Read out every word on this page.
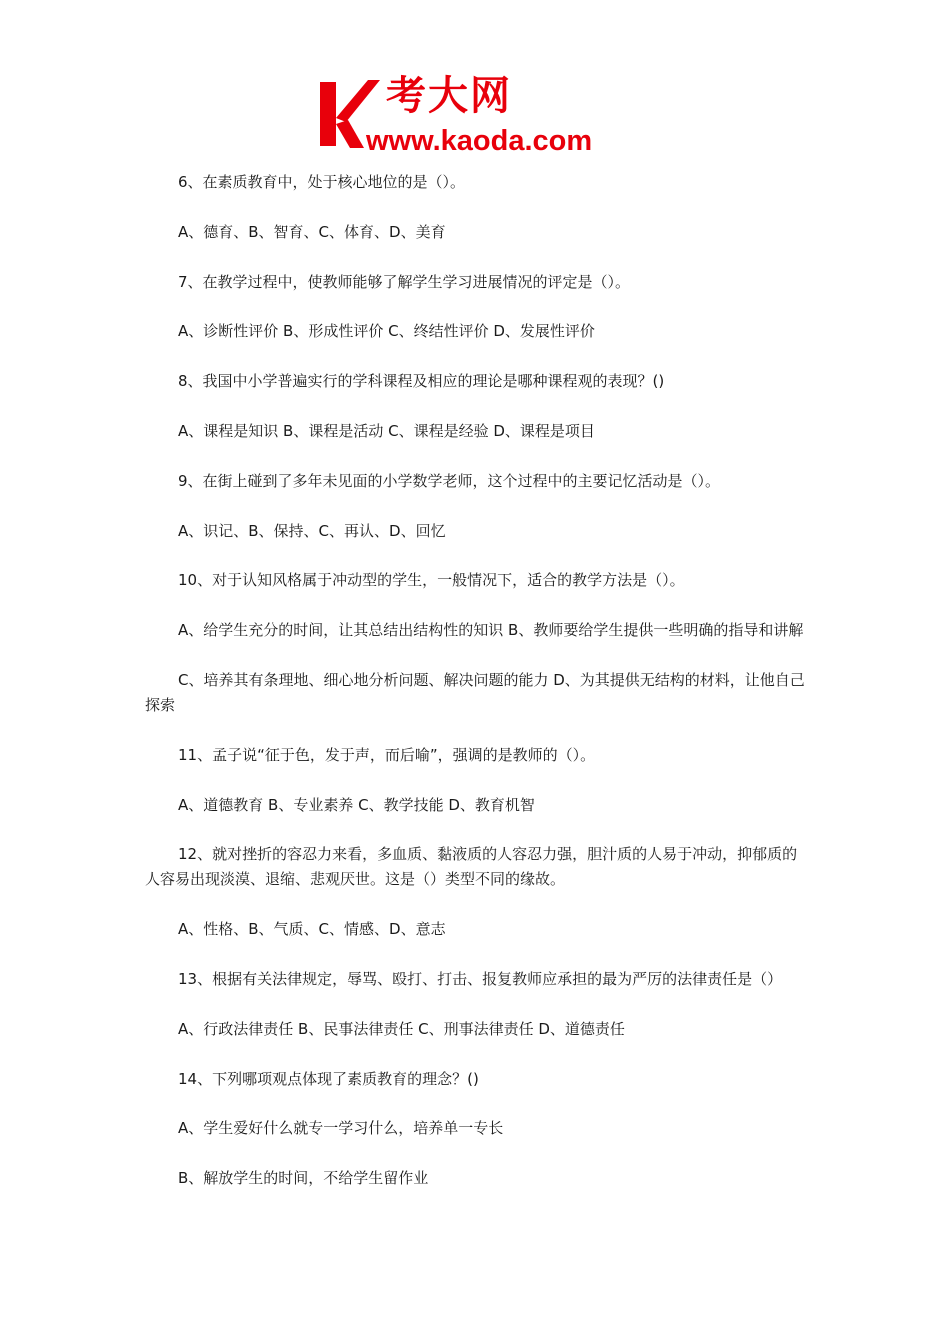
考大网
www.kaoda.com

6、在素质教育中，处于核心地位的是（）。

A、德育、B、智育、C、体育、D、美育

7、在教学过程中，使教师能够了解学生学习进展情况的评定是（）。

A、诊断性评价 B、形成性评价 C、终结性评价 D、发展性评价

8、我国中小学普遍实行的学科课程及相应的理论是哪种课程观的表现？()

A、课程是知识 B、课程是活动 C、课程是经验 D、课程是项目

9、在街上碰到了多年未见面的小学数学老师，这个过程中的主要记忆活动是（）。

A、识记、B、保持、C、再认、D、回忆

10、对于认知风格属于冲动型的学生，一般情况下，适合的教学方法是（）。

A、给学生充分的时间，让其总结出结构性的知识 B、教师要给学生提供一些明确的指导和讲解

C、培养其有条理地、细心地分析问题、解决问题的能力 D、为其提供无结构的材料，让他自己探索

11、孟子说“征于色，发于声，而后喻”，强调的是教师的（）。

A、道德教育 B、专业素养 C、教学技能 D、教育机智

12、就对挫折的容忍力来看，多血质、黏液质的人容忍力强，胆汁质的人易于冲动，抑郁质的人容易出现淡漠、退缩、悲观厌世。这是（）类型不同的缘故。

A、性格、B、气质、C、情感、D、意志

13、根据有关法律规定，辱骂、殴打、打击、报复教师应承担的最为严厉的法律责任是（）

A、行政法律责任 B、民事法律责任 C、刑事法律责任 D、道德责任

14、下列哪项观点体现了素质教育的理念？()

A、学生爱好什么就专一学习什么，培养单一专长

B、解放学生的时间，不给学生留作业
